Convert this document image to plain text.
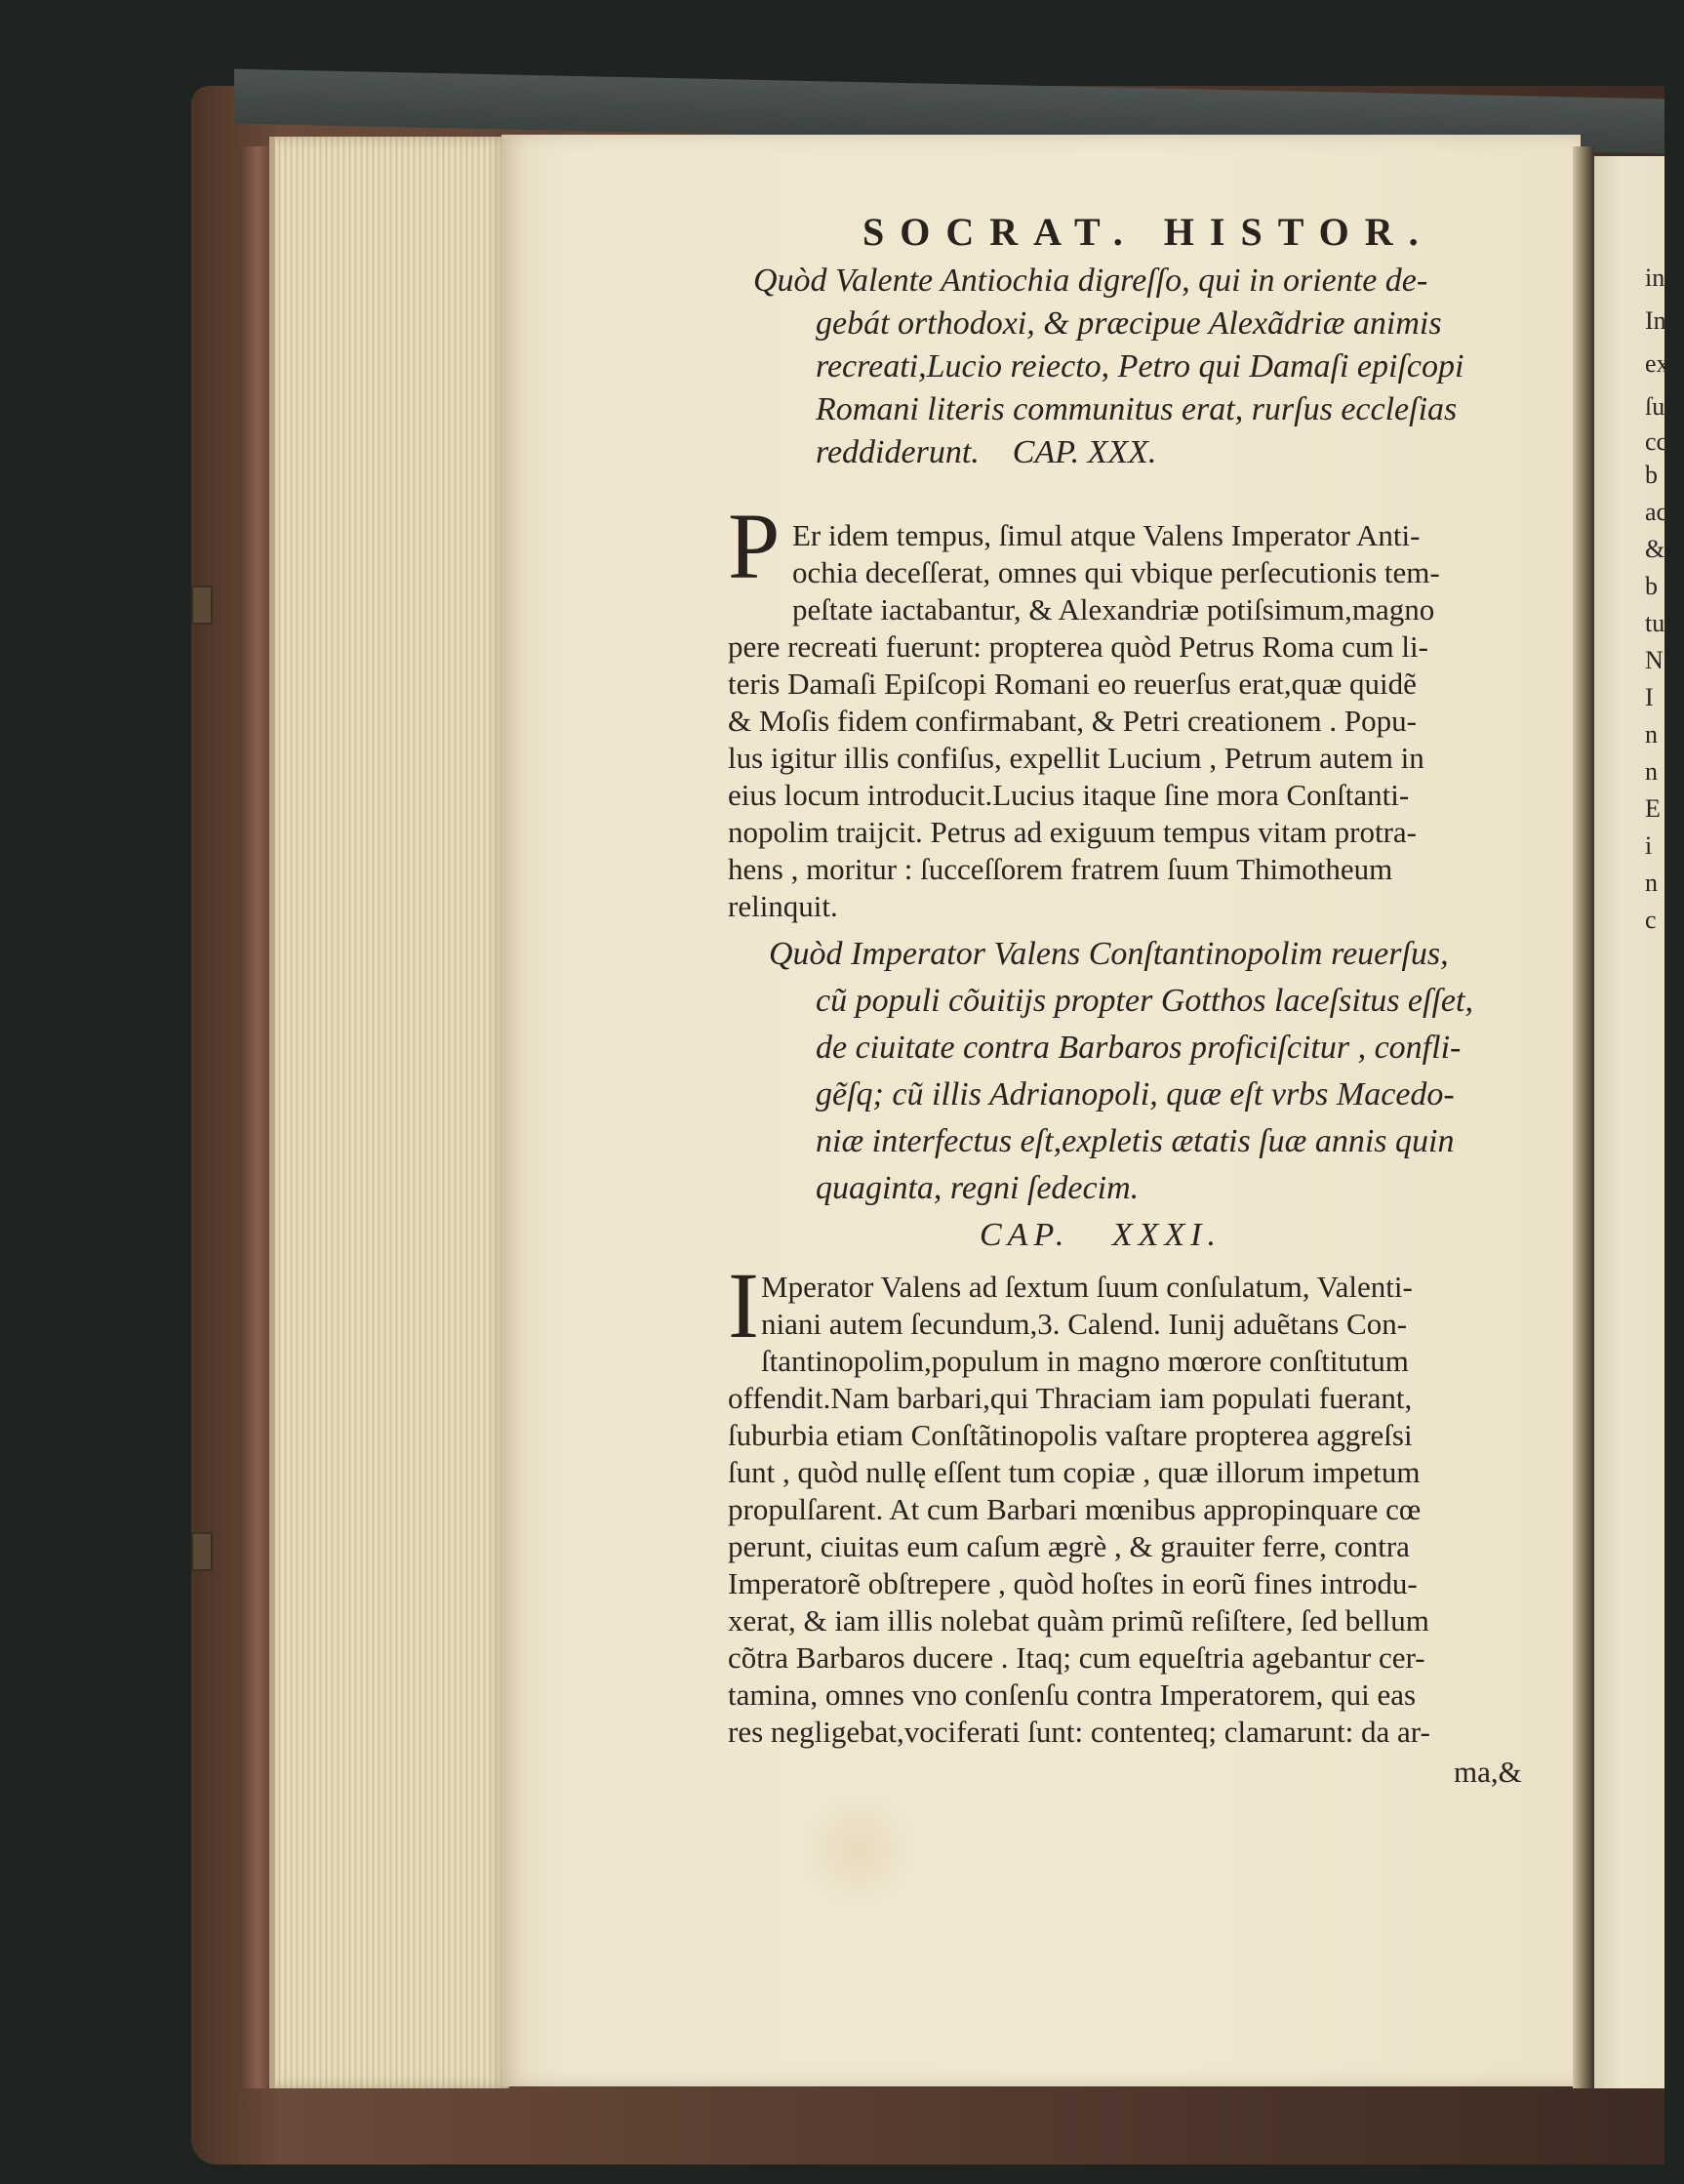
SOCRAT. HISTOR.
Quòd Valente Antiochia digreſſo, qui in oriente de-
gebát orthodoxi, & præcipue Alexãdriæ animis
recreati,Lucio reiecto, Petro qui Damaſi epiſcopi
Romani literis communitus erat, rurſus eccleſias
reddiderunt.    CAP. XXX.
P Er idem tempus, ſimul atque Valens Imperator Anti-
ochia deceſſerat, omnes qui vbique perſecutionis tem-
peſtate iactabantur, & Alexandriæ potiſsimum,magno
pere recreati fuerunt: propterea quòd Petrus Roma cum li-
teris Damaſi Epiſcopi Romani eo reuerſus erat,quæ quidẽ
& Moſis fidem confirmabant, & Petri creationem . Popu-
lus igitur illis confiſus, expellit Lucium , Petrum autem in
eius locum introducit.Lucius itaque ſine mora Conſtanti-
nopolim traijcit. Petrus ad exiguum tempus vitam protra-
hens , moritur : ſucceſſorem fratrem ſuum Thimotheum
relinquit.
Quòd Imperator Valens Conſtantinopolim reuerſus,
cũ populi cõuitijs propter Gotthos laceſsitus eſſet,
de ciuitate contra Barbaros proficiſcitur , confli-
gẽſq; cũ illis Adrianopoli, quæ eſt vrbs Macedo-
niæ interfectus eſt,expletis ætatis ſuæ annis quin
quaginta, regni ſedecim.
CAP.   XXXI.
I Mperator Valens ad ſextum ſuum conſulatum, Valenti-
niani autem ſecundum,3. Calend. Iunij aduẽtans Con-
ſtantinopolim,populum in magno mœrore conſtitutum
offendit.Nam barbari,qui Thraciam iam populati fuerant,
ſuburbia etiam Conſtãtinopolis vaſtare propterea aggreſsi
ſunt , quòd nullę eſſent tum copiæ , quæ illorum impetum
propulſarent. At cum Barbari mœnibus appropinquare cœ
perunt, ciuitas eum caſum ægrè , & grauiter ferre, contra
Imperatorẽ obſtrepere , quòd hoſtes in eorũ fines introdu-
xerat, & iam illis nolebat quàm primũ reſiſtere, ſed bellum
cõtra Barbaros ducere . Itaq; cum equeſtria agebantur cer-
tamina, omnes vno conſenſu contra Imperatorem, qui eas
res negligebat,vociferati ſunt: contenteq; clamarunt: da ar-
ma,&
in
In
ex
ſu
cc
b
ac
&
b
tu
N
I
n
n
E
i
n
c
